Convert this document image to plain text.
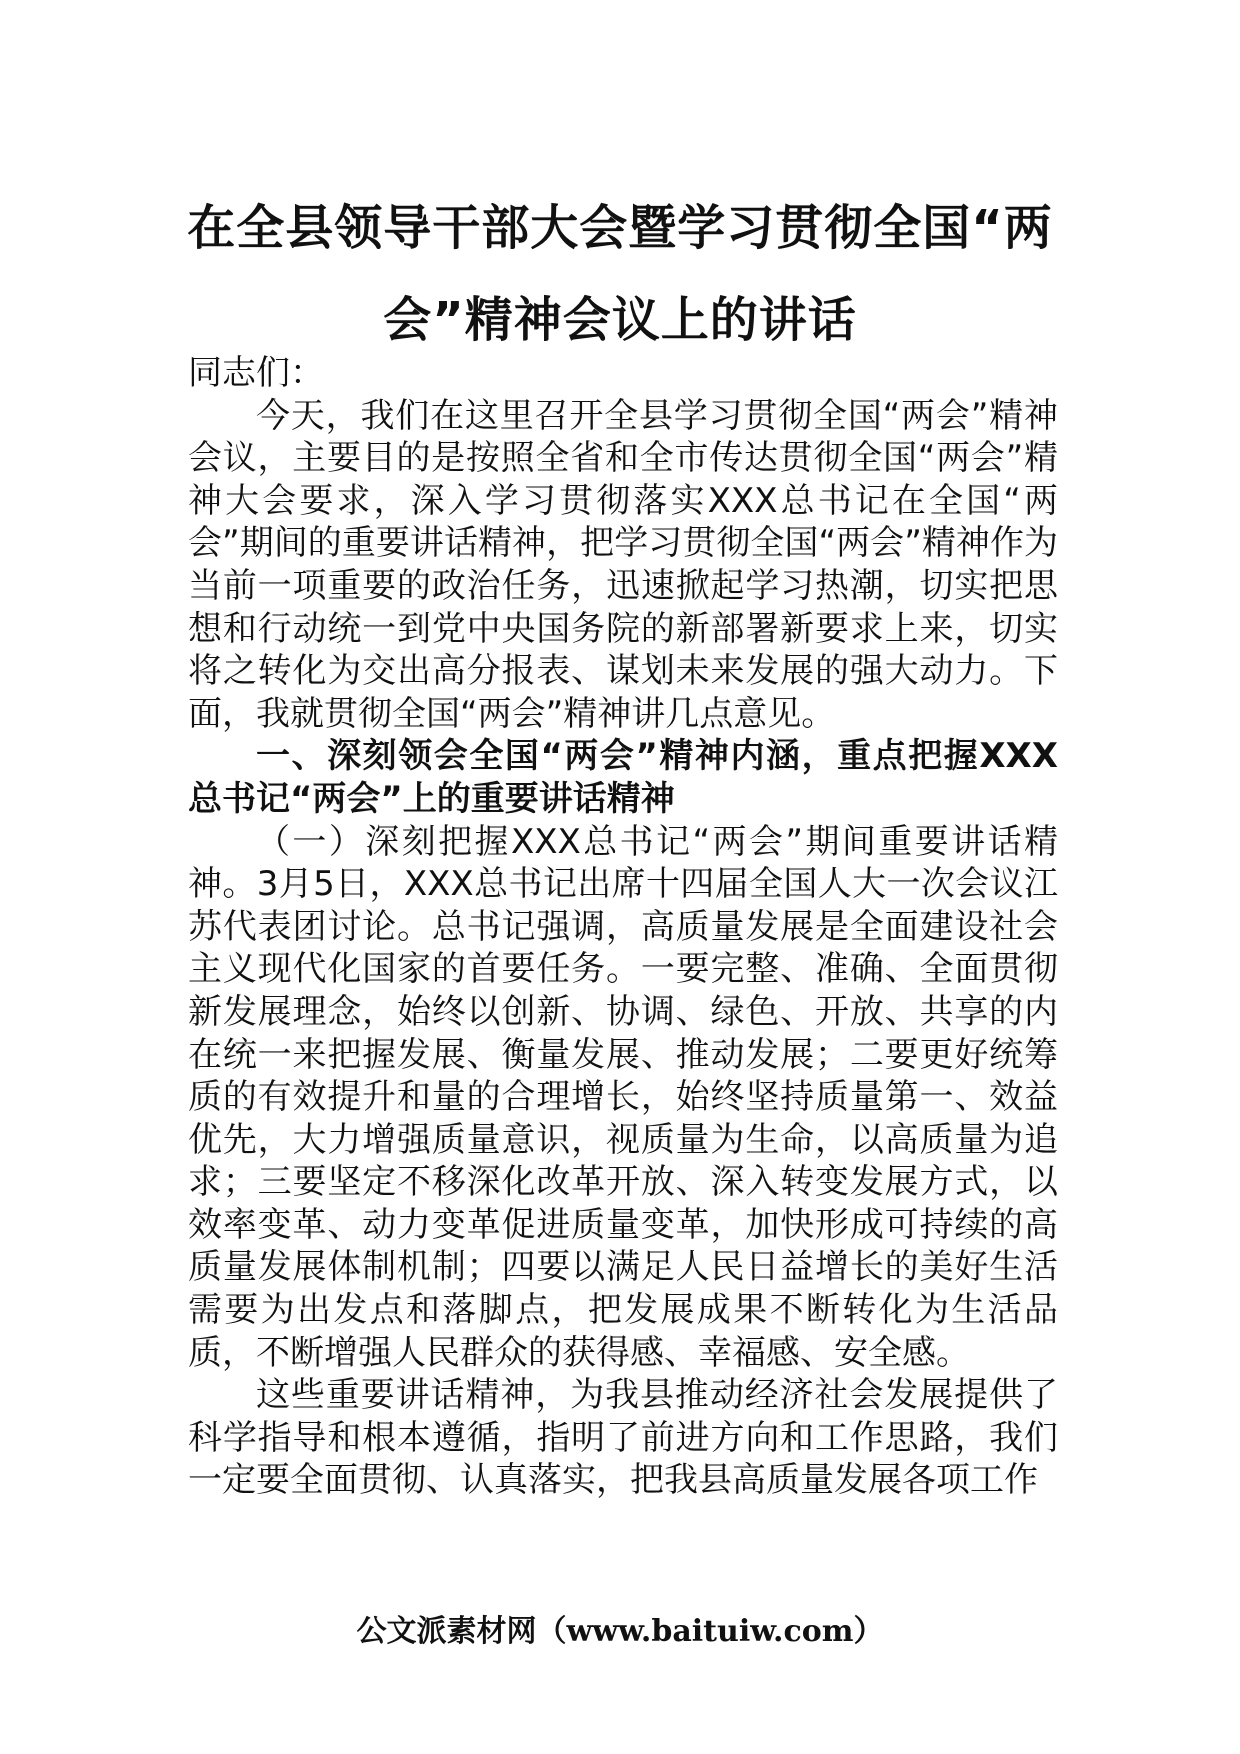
在全县领导干部大会暨学习贯彻全国“两会”精神会议上的讲话

同志们：

今天，我们在这里召开全县学习贯彻全国“两会”精神会议，主要目的是按照全省和全市传达贯彻全国“两会”精神大会要求，深入学习贯彻落实XXX总书记在全国“两会”期间的重要讲话精神，把学习贯彻全国“两会”精神作为当前一项重要的政治任务，迅速掀起学习热潮，切实把思想和行动统一到党中央国务院的新部署新要求上来，切实将之转化为交出高分报表、谋划未来发展的强大动力。下面，我就贯彻全国“两会”精神讲几点意见。

一、深刻领会全国“两会”精神内涵，重点把握XXX总书记“两会”上的重要讲话精神

（一）深刻把握XXX总书记“两会”期间重要讲话精神。3月5日，XXX总书记出席十四届全国人大一次会议江苏代表团讨论。总书记强调，高质量发展是全面建设社会主义现代化国家的首要任务。一要完整、准确、全面贯彻新发展理念，始终以创新、协调、绿色、开放、共享的内在统一来把握发展、衡量发展、推动发展；二要更好统筹质的有效提升和量的合理增长，始终坚持质量第一、效益优先，大力增强质量意识，视质量为生命，以高质量为追求；三要坚定不移深化改革开放、深入转变发展方式，以效率变革、动力变革促进质量变革，加快形成可持续的高质量发展体制机制；四要以满足人民日益增长的美好生活需要为出发点和落脚点，把发展成果不断转化为生活品质，不断增强人民群众的获得感、幸福感、安全感。

这些重要讲话精神，为我县推动经济社会发展提供了科学指导和根本遵循，指明了前进方向和工作思路，我们一定要全面贯彻、认真落实，把我县高质量发展各项工作

公文派素材网（www.baituiw.com）
